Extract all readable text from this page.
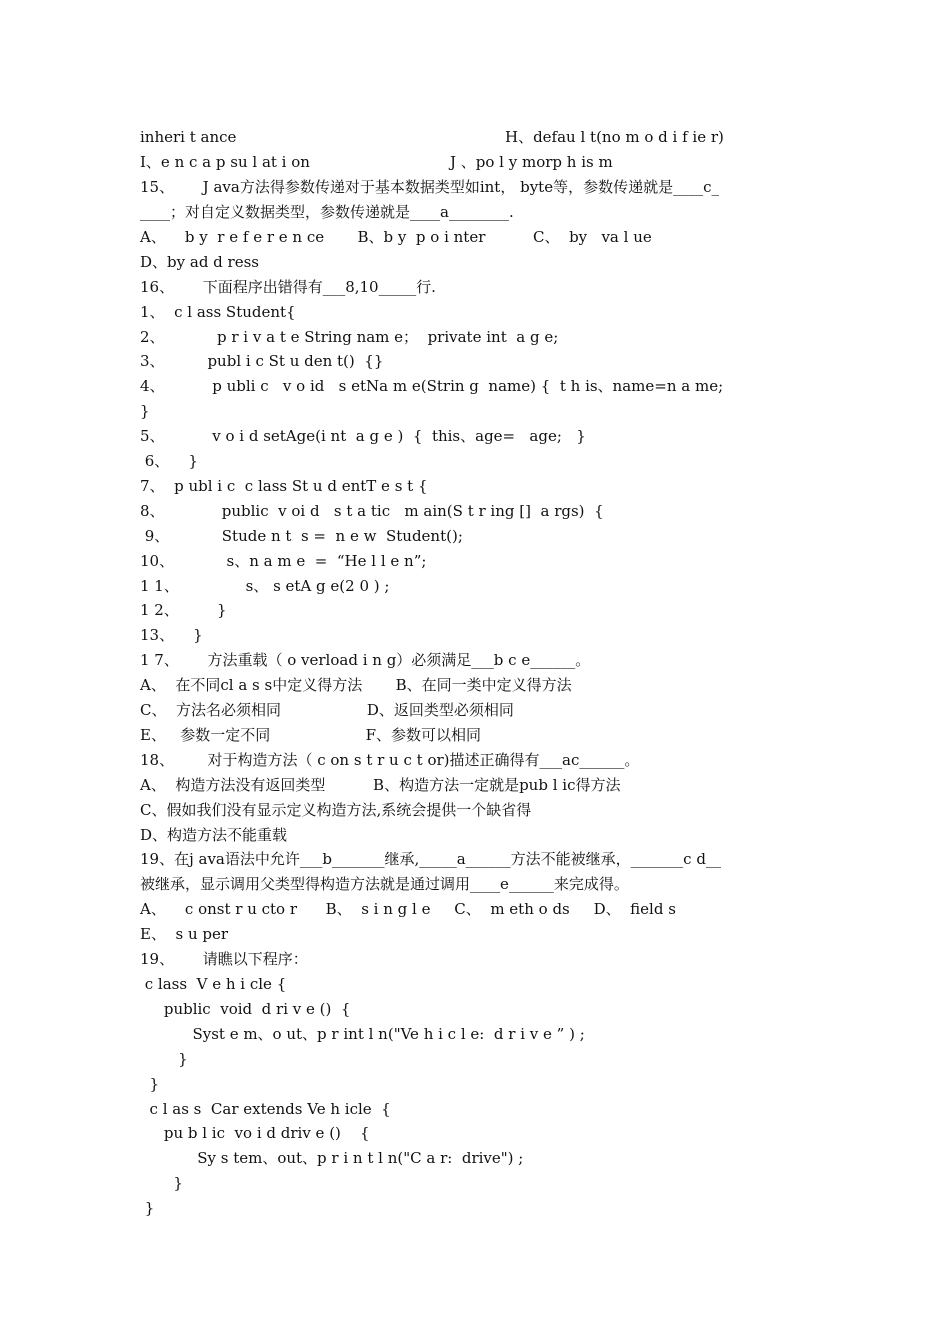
inheri t ance	H、defau l t(no m o d i f ie r)
I、e n c a p su l at i on	J 、po l y morp h is m
15、      J ava方法得参数传递对于基本数据类型如int， byte等，参数传递就是____c_
____；对自定义数据类型，参数传递就是____a________.
A、    b y  r e f e r e n ce       B、b y  p o i nter          C、  by   va l ue
D、by ad d ress
16、      下面程序出错得有___8,10_____行.
1、  c l ass Student{
2、           p r i v a t e String nam e；  private int  a g e;
3、         publ i c St u den t()  {}
4、          p ubli c   v o id   s etNa m e(Strin g  name) {  t h is、name=n a me;
}
5、          v o i d setAge(i nt  a g e )  {  this、age=   age;   }
6、    }
7、  p ubl i c  c lass St u d entT e s t {
8、            public  v oi d   s t a tic   m ain(S t r ing []  a rgs)  {
9、           Stude n t  s =  n e w  Student();
10、           s、n a m e  =  “He l l e n”;
1 1、              s、 s etA g e(2 0 ) ;
1 2、        }
13、    }
1 7、      方法重载（ o verload i n g）必须满足___b c e______。
A、  在不同cl a s s中定义得方法       B、在同一类中定义得方法
C、  方法名必须相同                  D、返回类型必须相同
E、   参数一定不同                    F、参数可以相同
18、       对于构造方法（ c on s t r u c t or)描述正确得有___ac______。
A、  构造方法没有返回类型          B、构造方法一定就是pub l ic得方法
C、假如我们没有显示定义构造方法,系统会提供一个缺省得
D、构造方法不能重载
19、在j ava语法中允许___b_______继承,_____a______方法不能被继承，_______c d__
被继承，显示调用父类型得构造方法就是通过调用____e______来完成得。
A、    c onst r u cto r      B、  s i n g l e     C、  m eth o ds     D、  field s
E、  s u per
19、      请瞧以下程序：
c lass  V e h i cle {
public  void  d ri v e ()  {
Syst e m、o ut、p r int l n("Ve h i c l e:  d r i v e ” ) ;
}
}
c l as s  Car extends Ve h icle  {
pu b l ic  vo i d driv e ()    {
Sy s tem、out、p r i n t l n("C a r:  drive") ;
}
}
